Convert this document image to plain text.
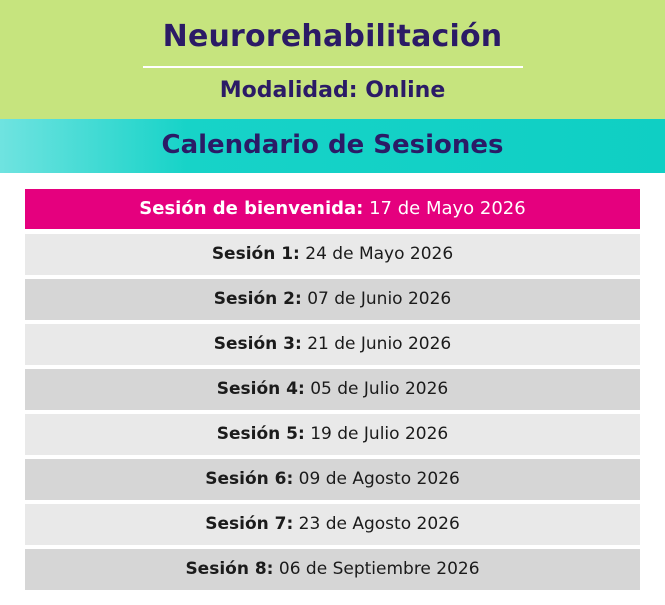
Neurorehabilitación
Modalidad: Online
Calendario de Sesiones
Sesión de bienvenida: 17 de Mayo 2026
Sesión 1: 24 de Mayo 2026
Sesión 2: 07 de Junio 2026
Sesión 3: 21 de Junio 2026
Sesión 4: 05 de Julio 2026
Sesión 5: 19 de Julio 2026
Sesión 6: 09 de Agosto 2026
Sesión 7: 23 de Agosto 2026
Sesión 8: 06 de Septiembre 2026
